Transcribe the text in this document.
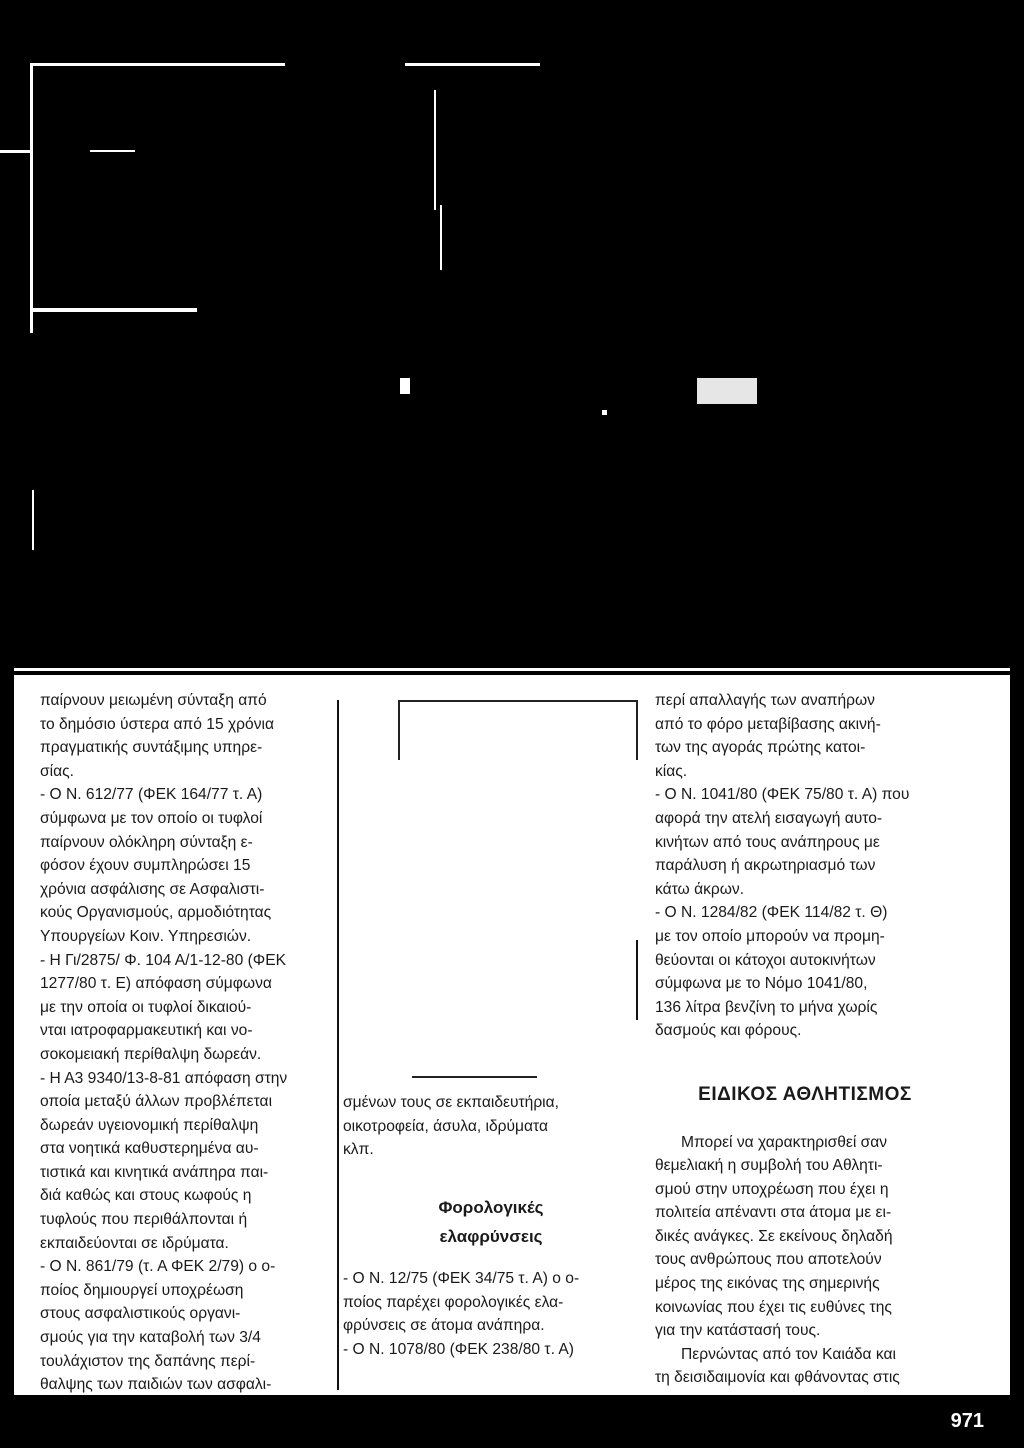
παίρνουν μειωμένη σύνταξη από

το δημόσιο ύστερα από 15 χρόνια

πραγματικής συντάξιμης υπηρε-

σίας.

- Ο Ν. 612/77 (ΦΕΚ 164/77 τ. Α)

σύμφωνα με τον οποίο οι τυφλοί

παίρνουν ολόκληρη σύνταξη ε-

φόσον έχουν συμπληρώσει 15

χρόνια ασφάλισης σε Ασφαλιστι-

κούς Οργανισμούς, αρμοδιότητας

Υπουργείων Κοιν. Υπηρεσιών.

- Η Γι/2875/ Φ. 104 Α/1-12-80 (ΦΕΚ

1277/80 τ. Ε) απόφαση σύμφωνα

με την οποία οι τυφλοί δικαιού-

νται ιατροφαρμακευτική και νο-

σοκομειακή περίθαλψη δωρεάν.

- Η Α3 9340/13-8-81 απόφαση στην

οποία μεταξύ άλλων προβλέπεται

δωρεάν υγειονομική περίθαλψη

στα νοητικά καθυστερημένα αυ-

τιστικά και κινητικά ανάπηρα παι-

διά καθώς και στους κωφούς η

τυφλούς που περιθάλπονται ή

εκπαιδεύονται σε ιδρύματα.

- Ο Ν. 861/79 (τ. Α ΦΕΚ 2/79) ο ο-

ποίος δημιουργεί υποχρέωση

στους ασφαλιστικούς οργανι-

σμούς για την καταβολή των 3/4

τουλάχιστον της δαπάνης περί-

θαλψης των παιδιών των ασφαλι-

σμένων τους σε εκπαιδευτήρια,

οικοτροφεία, άσυλα, ιδρύματα

κλπ.

Φορολογικές

ελαφρύνσεις

- Ο Ν. 12/75 (ΦΕΚ 34/75 τ. Α) ο ο-

ποίος παρέχει φορολογικές ελα-

φρύνσεις σε άτομα ανάπηρα.

- Ο Ν. 1078/80 (ΦΕΚ 238/80 τ. Α)

περί απαλλαγής των αναπήρων

από το φόρο μεταβίβασης ακινή-

των της αγοράς πρώτης κατοι-

κίας.

- Ο Ν. 1041/80 (ΦΕΚ 75/80 τ. Α) που

αφορά την ατελή εισαγωγή αυτο-

κινήτων από τους ανάπηρους με

παράλυση ή ακρωτηριασμό των

κάτω άκρων.

- Ο Ν. 1284/82 (ΦΕΚ 114/82 τ. Θ)

με τον οποίο μπορούν να προμη-

θεύονται οι κάτοχοι αυτοκινήτων

σύμφωνα με το Νόμο 1041/80,

136 λίτρα βενζίνη το μήνα χωρίς

δασμούς και φόρους.

ΕΙΔΙΚΟΣ ΑΘΛΗΤΙΣΜΟΣ

Μπορεί να χαρακτηρισθεί σαν

θεμελιακή η συμβολή του Αθλητι-

σμού στην υποχρέωση που έχει η

πολιτεία απέναντι στα άτομα με ει-

δικές ανάγκες. Σε εκείνους δηλαδή

τους ανθρώπους που αποτελούν

μέρος της εικόνας της σημερινής

κοινωνίας που έχει τις ευθύνες της

για την κατάστασή τους.

Περνώντας από τον Καιάδα και

τη δεισιδαιμονία και φθάνοντας στις

971
